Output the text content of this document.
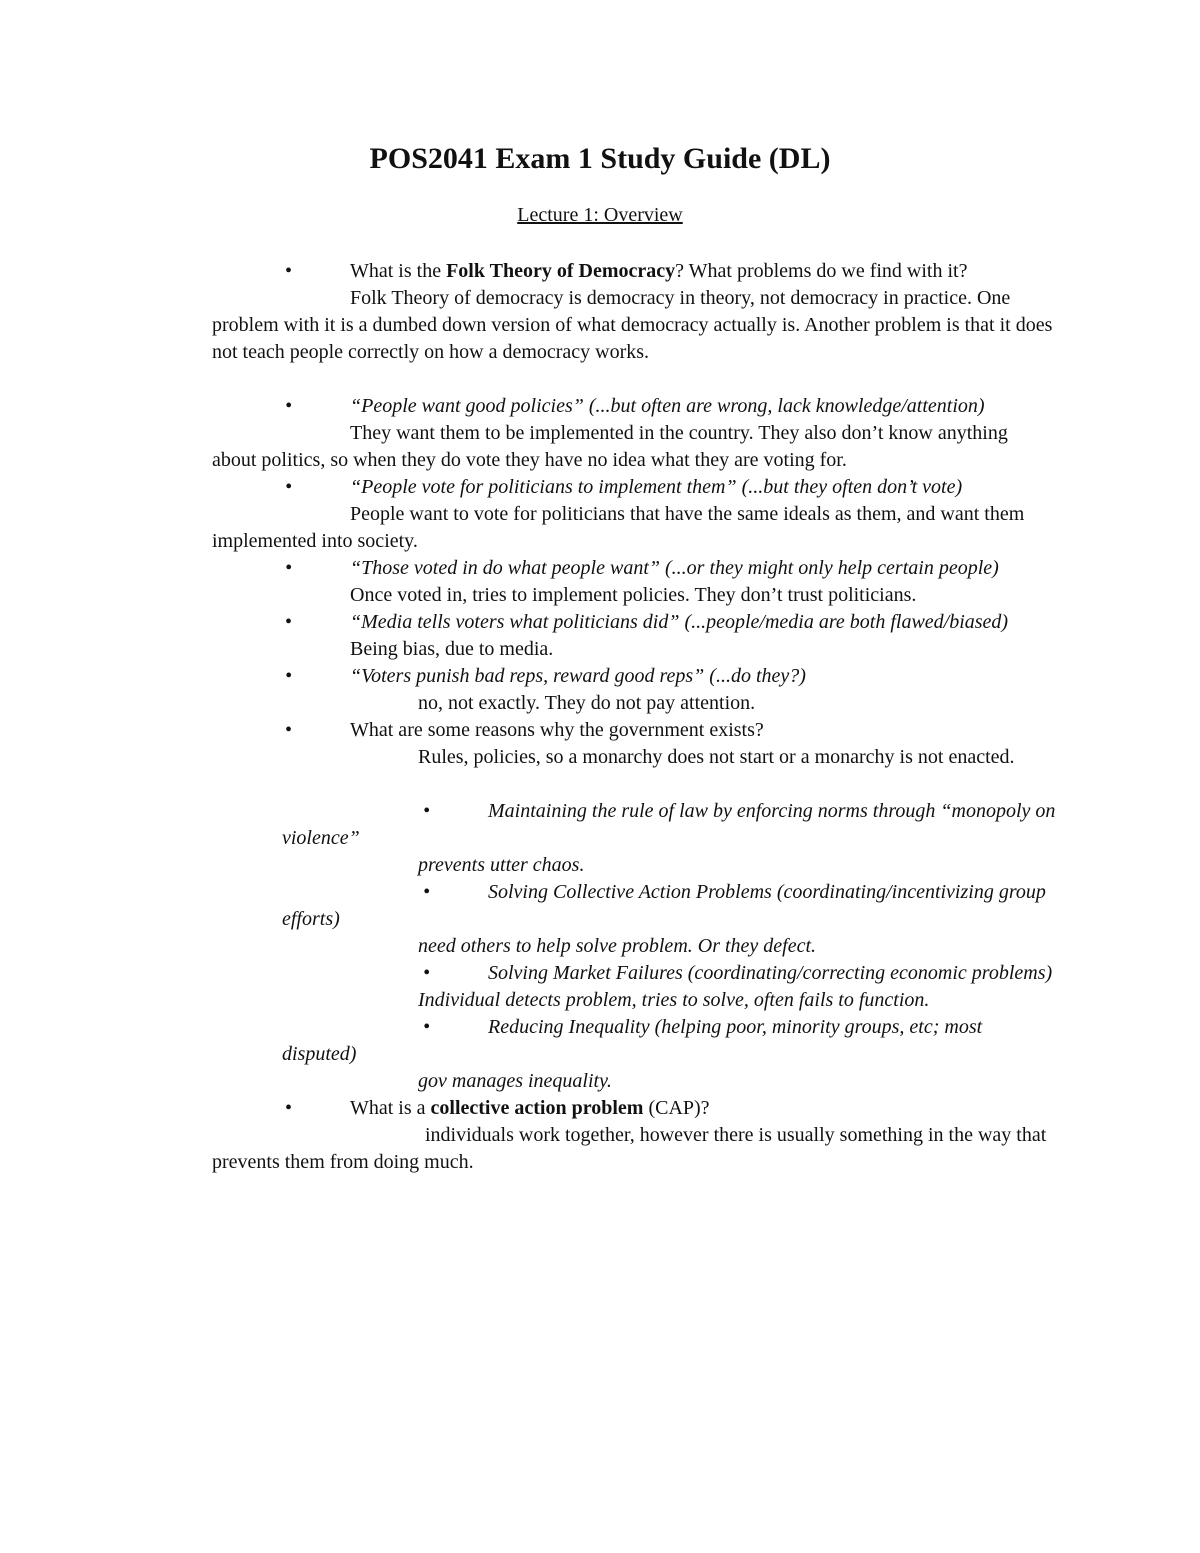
POS2041 Exam 1 Study Guide (DL)
Lecture 1: Overview

•	What is the Folk Theory of Democracy? What problems do we find with it?

Folk Theory of democracy is democracy in theory, not democracy in practice. One problem with it is a dumbed down version of what democracy actually is. Another problem is that it does not teach people correctly on how a democracy works.

•	“People want good policies” (...but often are wrong, lack knowledge/attention)

They want them to be implemented in the country. They also don’t know anything about politics, so when they do vote they have no idea what they are voting for.

•	“People vote for politicians to implement them” (...but they often don’t vote)

People want to vote for politicians that have the same ideals as them, and want them implemented into society.

•	“Those voted in do what people want” (...or they might only help certain people)

Once voted in, tries to implement policies. They don’t trust politicians.

•	“Media tells voters what politicians did” (...people/media are both flawed/biased)

Being bias, due to media.

•	“Voters punish bad reps, reward good reps” (...do they?)

no, not exactly. They do not pay attention.

•	What are some reasons why the government exists?

Rules, policies, so a monarchy does not start or a monarchy is not enacted.

•	Maintaining the rule of law by enforcing norms through “monopoly on violence”

prevents utter chaos.

•	Solving Collective Action Problems (coordinating/incentivizing group efforts)

need others to help solve problem. Or they defect.

•	Solving Market Failures (coordinating/correcting economic problems)

Individual detects problem, tries to solve, often fails to function.

•	Reducing Inequality (helping poor, minority groups, etc; most disputed)

gov manages inequality.

•	What is a collective action problem (CAP)?

individuals work together, however there is usually something in the way that prevents them from doing much.
